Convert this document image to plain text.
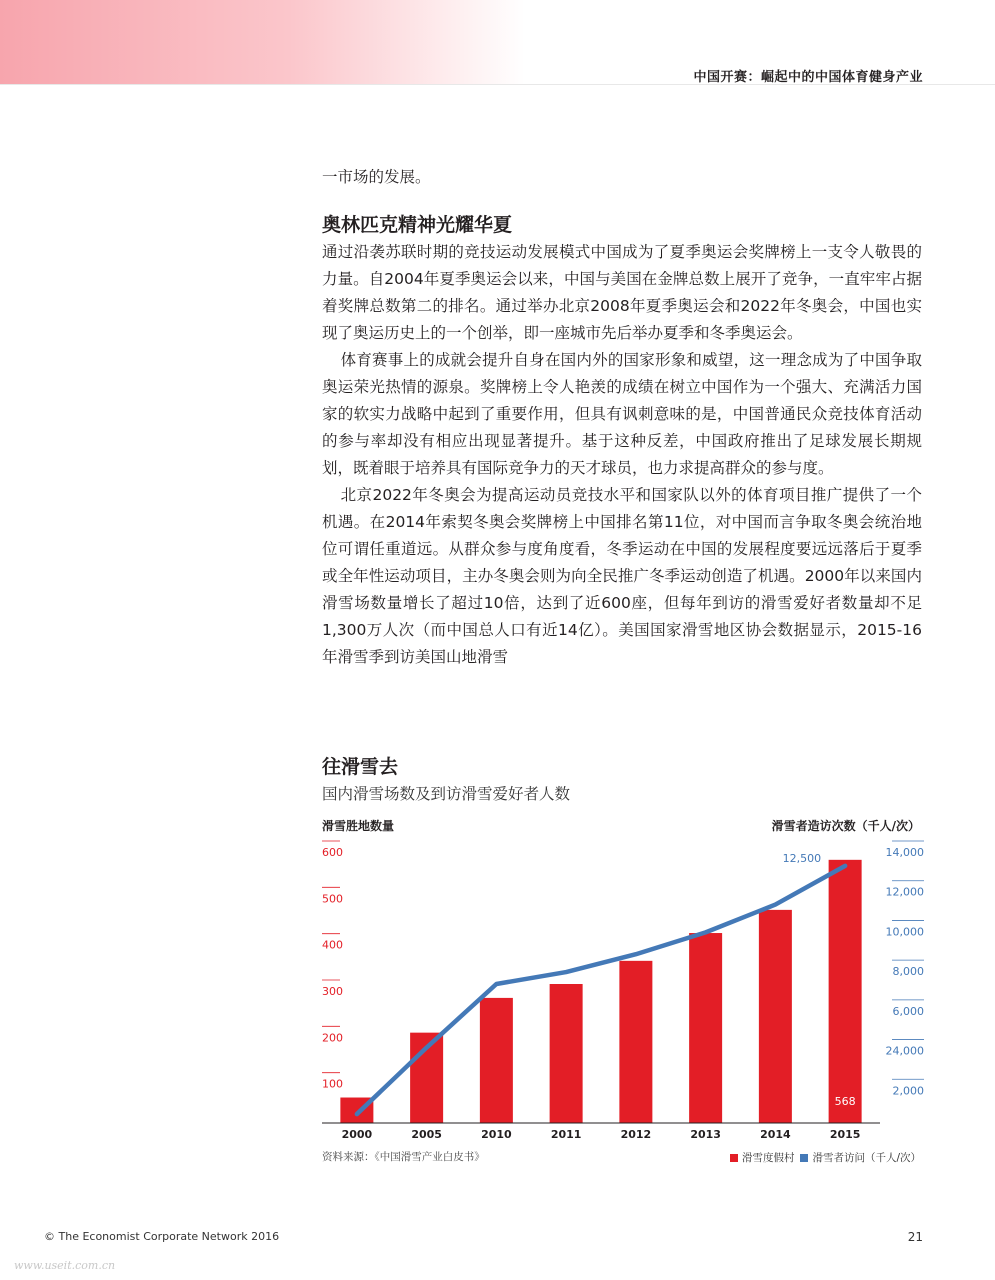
中国开赛：崛起中的中国体育健身产业

一市场的发展。

奥林匹克精神光耀华夏

通过沿袭苏联时期的竞技运动发展模式中国成为了夏季奥运会奖牌榜上一支令人敬畏的力量。自2004年夏季奥运会以来，中国与美国在金牌总数上展开了竞争，一直牢牢占据着奖牌总数第二的排名。通过举办北京2008年夏季奥运会和2022年冬奥会，中国也实现了奥运历史上的一个创举，即一座城市先后举办夏季和冬季奥运会。

体育赛事上的成就会提升自身在国内外的国家形象和威望，这一理念成为了中国争取奥运荣光热情的源泉。奖牌榜上令人艳羡的成绩在树立中国作为一个强大、充满活力国家的软实力战略中起到了重要作用，但具有讽刺意味的是，中国普通民众竞技体育活动的参与率却没有相应出现显著提升。基于这种反差，中国政府推出了足球发展长期规划，既着眼于培养具有国际竞争力的天才球员，也力求提高群众的参与度。

北京2022年冬奥会为提高运动员竞技水平和国家队以外的体育项目推广提供了一个机遇。在2014年索契冬奥会奖牌榜上中国排名第11位，对中国而言争取冬奥会统治地位可谓任重道远。从群众参与度角度看，冬季运动在中国的发展程度要远远落后于夏季或全年性运动项目，主办冬奥会则为向全民推广冬季运动创造了机遇。2000年以来国内滑雪场数量增长了超过10倍，达到了近600座，但每年到访的滑雪爱好者数量却不足1,300万人次（而中国总人口有近14亿）。美国国家滑雪地区协会数据显示，2015-16年滑雪季到访美国山地滑雪

往滑雪去
国内滑雪场数及到访滑雪爱好者人数
滑雪胜地数量	滑雪者造访次数（千人/次）
100
200
300
400
500
600
2,000
24,000
6,000
8,000
10,000
12,000
14,000
2000	2005	2010	2011	2012	2013	2014	2015
12,500
568
资料来源：《中国滑雪产业白皮书》	滑雪度假村 滑雪者访问（千人/次）
© The Economist Corporate Network 2016	21
www.useit.com.cn
